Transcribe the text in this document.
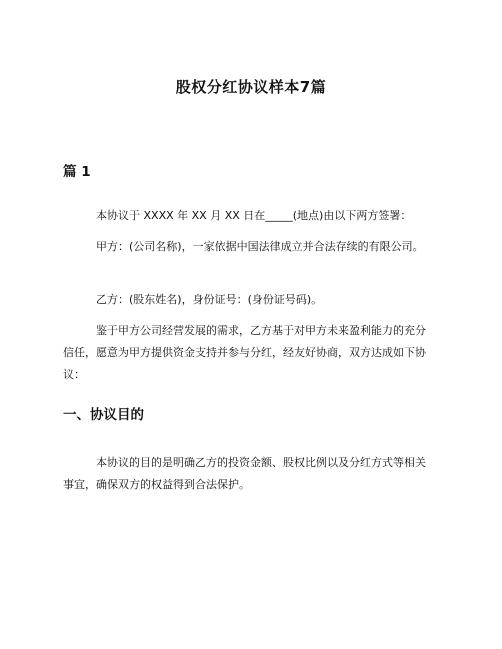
股权分红协议样本7篇
篇 1

本协议于 XXXX 年 XX 月 XX 日在_____(地点)由以下两方签署：

甲方：(公司名称)，一家依据中国法律成立并合法存续的有限公司。

乙方：(股东姓名)，身份证号：(身份证号码)。

鉴于甲方公司经营发展的需求，乙方基于对甲方未来盈利能力的充分信任，愿意为甲方提供资金支持并参与分红，经友好协商，双方达成如下协议：

一、协议目的

本协议的目的是明确乙方的投资金额、股权比例以及分红方式等相关事宜，确保双方的权益得到合法保护。
